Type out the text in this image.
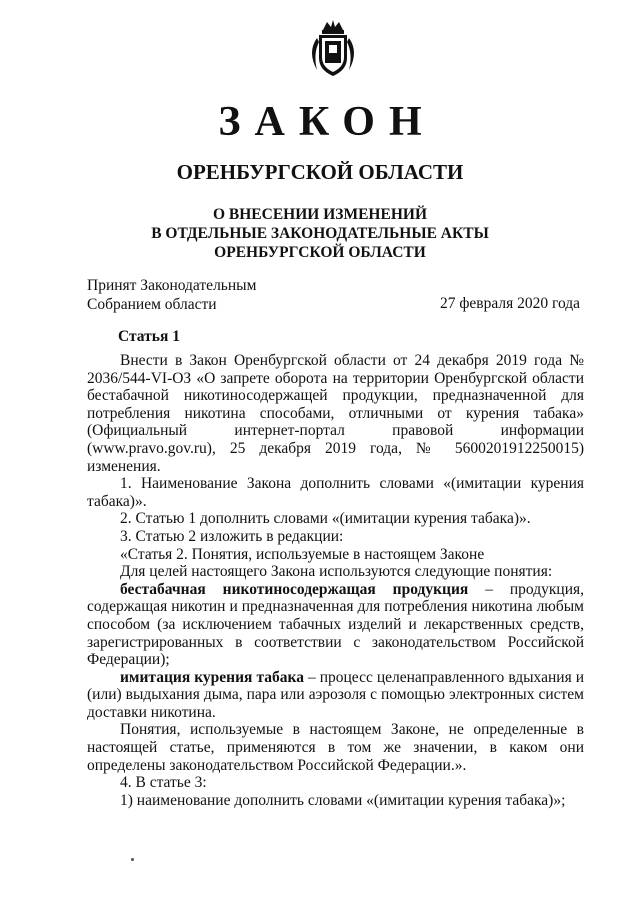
ЗАКОН
ОРЕНБУРГСКОЙ ОБЛАСТИ
О ВНЕСЕНИИ ИЗМЕНЕНИЙ
В ОТДЕЛЬНЫЕ ЗАКОНОДАТЕЛЬНЫЕ АКТЫ
ОРЕНБУРГСКОЙ ОБЛАСТИ
Принят Законодательным
Собранием области	27 февраля 2020 года
Статья 1

Внести в Закон Оренбургской области от 24 декабря 2019 года № 2036/544-VI-ОЗ «О запрете оборота на территории Оренбургской области бестабачной никотиносодержащей продукции, предназначенной для потребления никотина способами, отличными от курения табака» (Официальный интернет-портал правовой информации (www.pravo.gov.ru), 25 декабря 2019 года, № 5600201912250015) изменения.

1. Наименование Закона дополнить словами «(имитации курения табака)».

2. Статью 1 дополнить словами «(имитации курения табака)».

3. Статью 2 изложить в редакции:

«Статья 2. Понятия, используемые в настоящем Законе

Для целей настоящего Закона используются следующие понятия:

бестабачная никотиносодержащая продукция – продукция, содержащая никотин и предназначенная для потребления никотина любым способом (за исключением табачных изделий и лекарственных средств, зарегистрированных в соответствии с законодательством Российской Федерации);

имитация курения табака – процесс целенаправленного вдыхания и (или) выдыхания дыма, пара или аэрозоля с помощью электронных систем доставки никотина.

Понятия, используемые в настоящем Законе, не определенные в настоящей статье, применяются в том же значении, в каком они определены законодательством Российской Федерации.».

4. В статье 3:

1) наименование дополнить словами «(имитации курения табака)»;
